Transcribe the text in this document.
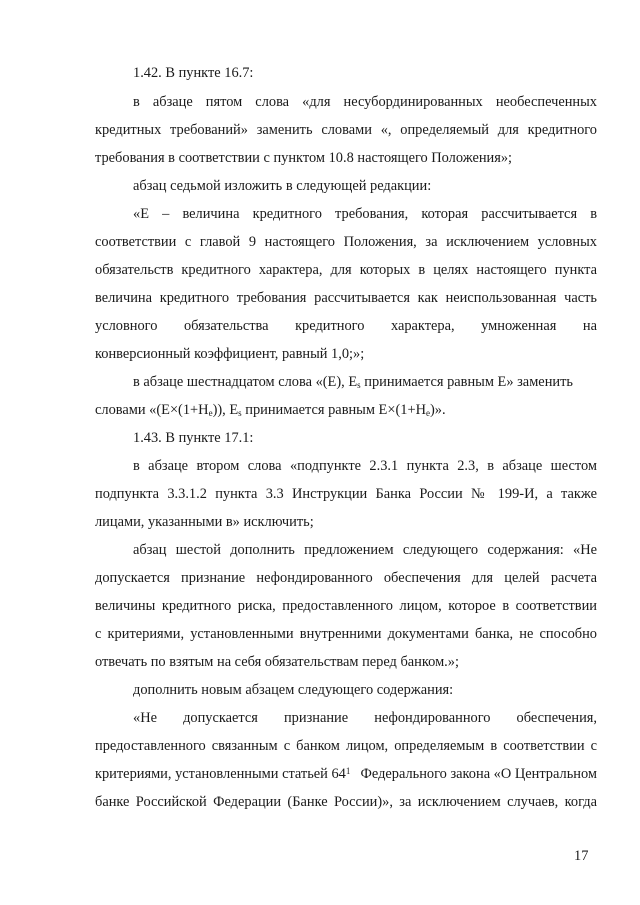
1.42. В пункте 16.7:
в абзаце пятом слова «для несубординированных необеспеченных
кредитных требований» заменить словами «, определяемый для кредитного
требования в соответствии с пунктом 10.8 настоящего Положения»;
абзац седьмой изложить в следующей редакции:
«E – величина кредитного требования, которая рассчитывается в
соответствии с главой 9 настоящего Положения, за исключением условных
обязательств кредитного характера, для которых в целях настоящего пункта
величина кредитного требования рассчитывается как неиспользованная часть
условного обязательства кредитного характера, умноженная на
конверсионный коэффициент, равный 1,0;»;
в абзаце шестнадцатом слова «(E), $E_s$ принимается равным E» заменить
словами «$(E\times(1+H_e))$, $E_s$ принимается равным $E\times(1+H_e)$».
1.43. В пункте 17.1:
в абзаце втором слова «подпункте 2.3.1 пункта 2.3, в абзаце шестом
подпункта 3.3.1.2 пункта 3.3 Инструкции Банка России № 199-И, а также
лицами, указанными в» исключить;
абзац шестой дополнить предложением следующего содержания: «Не
допускается признание нефондированного обеспечения для целей расчета
величины кредитного риска, предоставленного лицом, которое в соответствии
с критериями, установленными внутренними документами банка, не способно
отвечать по взятым на себя обязательствам перед банком.»;
дополнить новым абзацем следующего содержания:
«Не допускается признание нефондированного обеспечения,
предоставленного связанным с банком лицом, определяемым в соответствии с
критериями, установленными статьей $64^1$ Федерального закона «О Центральном
банке Российской Федерации (Банке России)», за исключением случаев, когда
17
